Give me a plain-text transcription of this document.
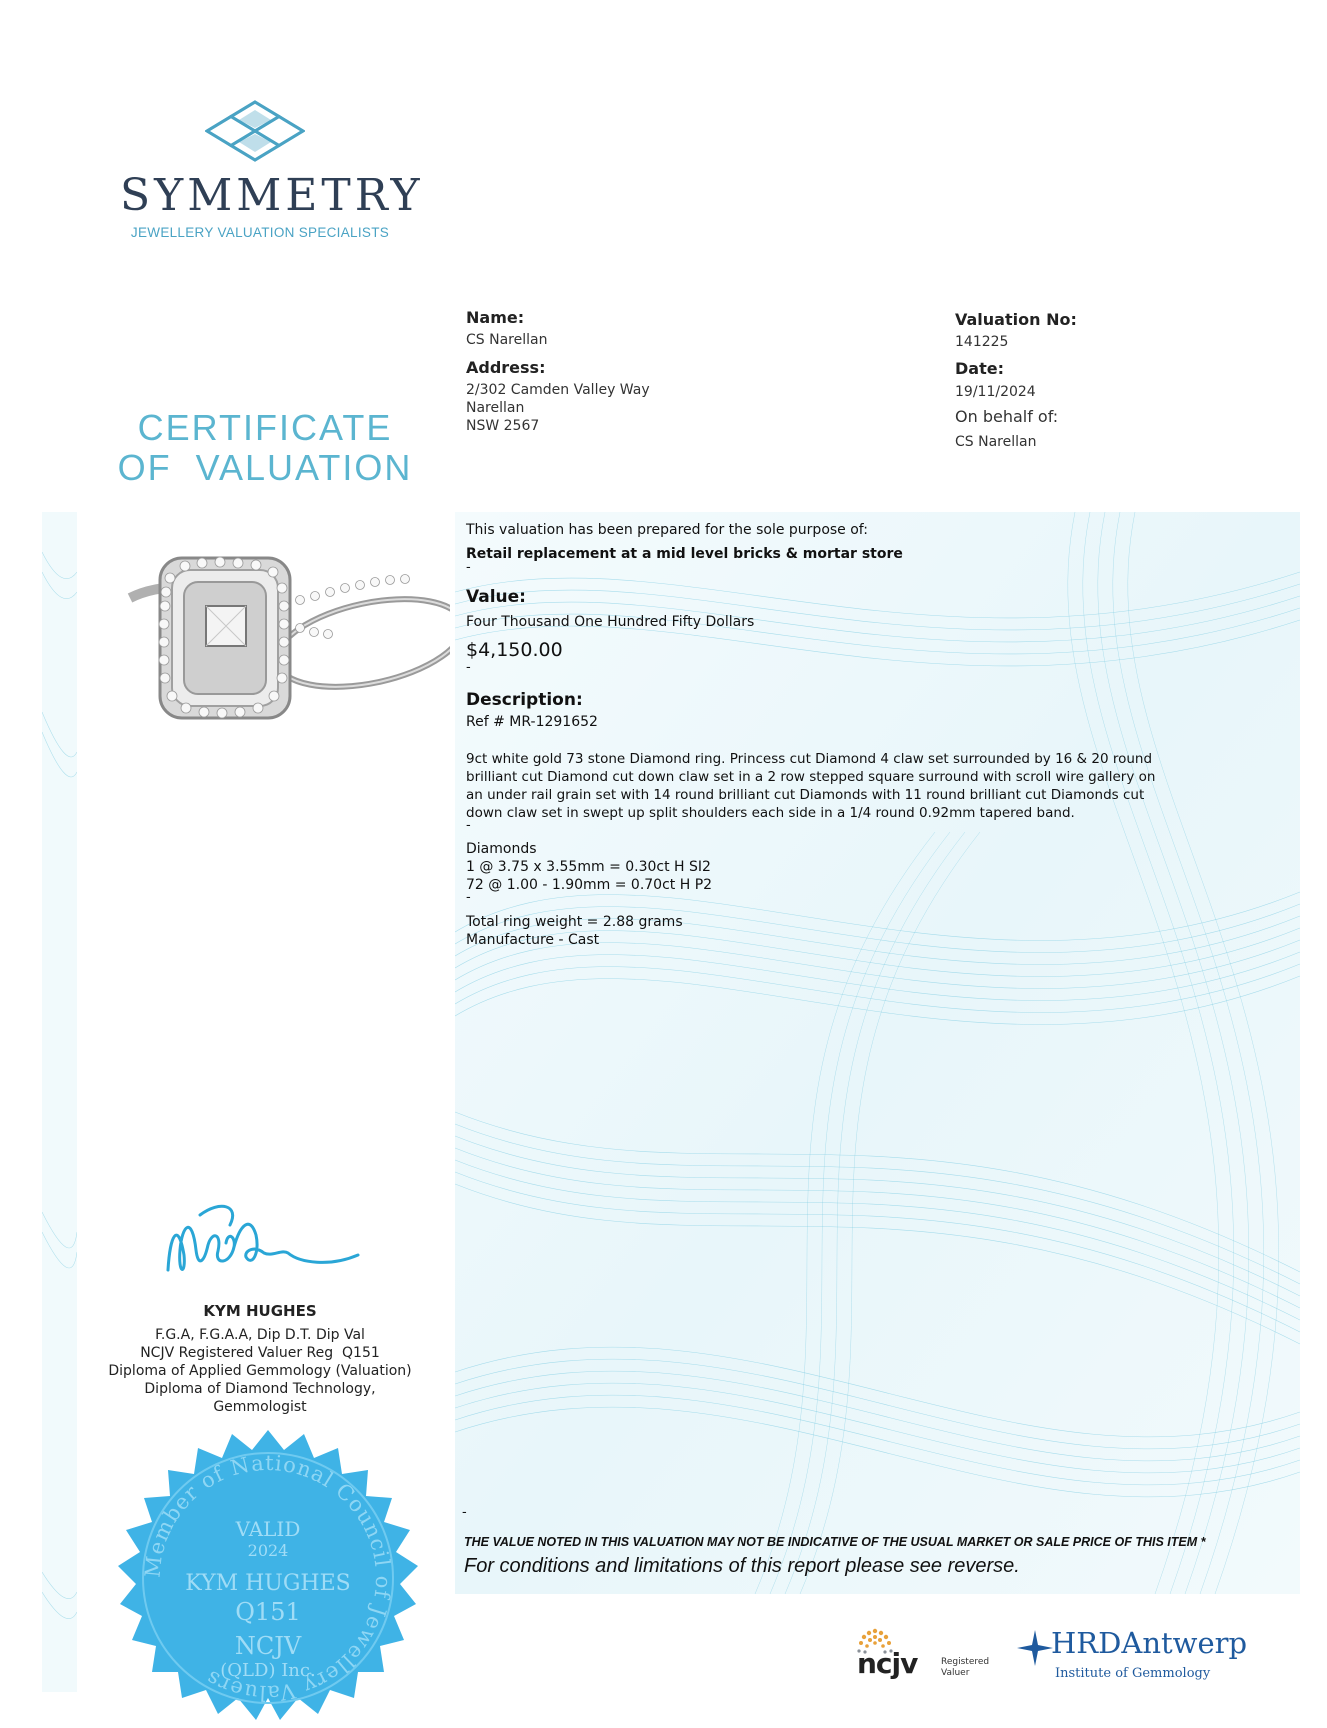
SYMMETRY
JEWELLERY VALUATION SPECIALISTS
CERTIFICATE
OF  VALUATION
Name:
CS Narellan
Address:
2/302 Camden Valley Way
Narellan
NSW 2567
Valuation No:
141225
Date:
19/11/2024
On behalf of:
CS Narellan
This valuation has been prepared for the sole purpose of:
Retail replacement at a mid level bricks & mortar store
-
Value:
Four Thousand One Hundred Fifty Dollars
$4,150.00
-
Description:
Ref # MR-1291652
9ct white gold 73 stone Diamond ring. Princess cut Diamond 4 claw set surrounded by 16 & 20 round
brilliant cut Diamond cut down claw set in a 2 row stepped square surround with scroll wire gallery on
an under rail grain set with 14 round brilliant cut Diamonds with 11 round brilliant cut Diamonds cut
down claw set in swept up split shoulders each side in a 1/4 round 0.92mm tapered band.
-
Diamonds
1 @ 3.75 x 3.55mm = 0.30ct H SI2
72 @ 1.00 - 1.90mm = 0.70ct H P2
-
Total ring weight = 2.88 grams
Manufacture - Cast
-
THE VALUE NOTED IN THIS VALUATION MAY NOT BE INDICATIVE OF THE USUAL MARKET OR SALE PRICE OF THIS ITEM *
For conditions and limitations of this report please see reverse.
KYM HUGHES
F.G.A, F.G.A.A, Dip D.T. Dip Val
NCJV Registered Valuer Reg  Q151
Diploma of Applied Gemmology (Valuation)
Diploma of Diamond Technology,
Gemmologist
Member of National Council of Jewellery Valuers
VALID
2024
KYM HUGHES
Q151
NCJV
(QLD) Inc.	ncjv	Registered
Valuer
HRDAntwerp
Institute of Gemmology
